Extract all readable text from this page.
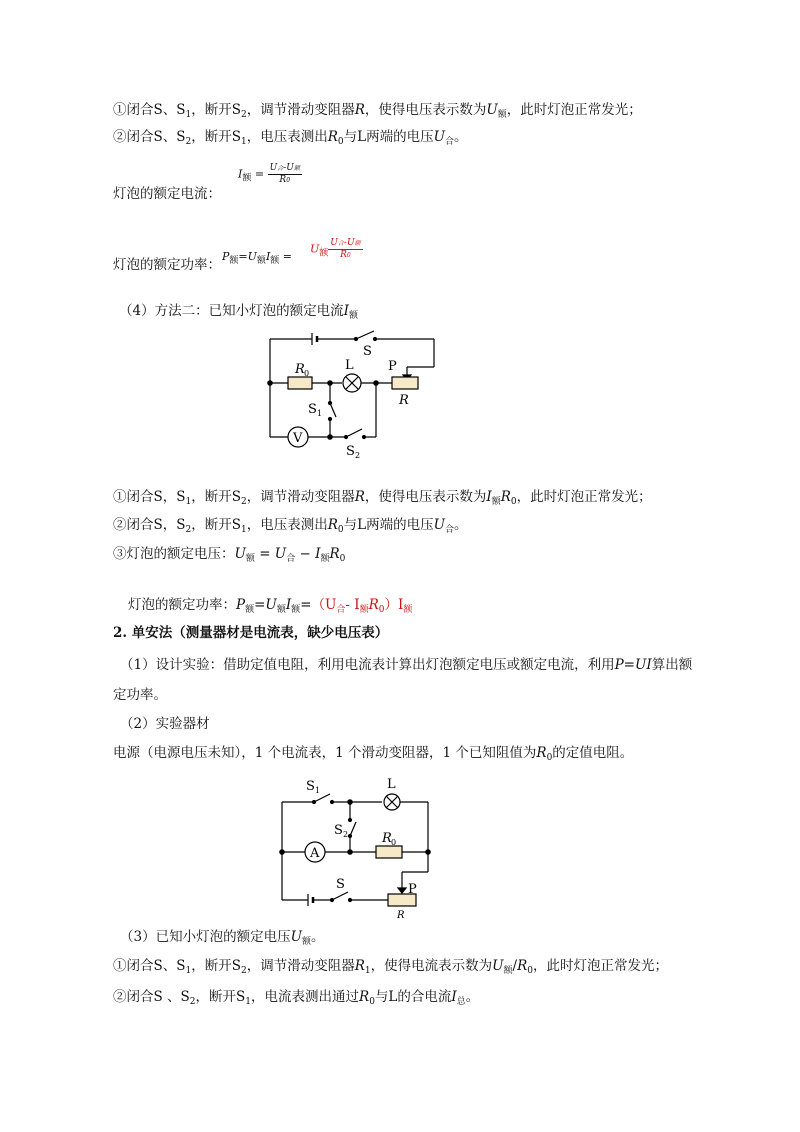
①闭合S、$S_1$，断开$S_2$，调节滑动变阻器R，使得电压表示数为$U_额$，此时灯泡正常发光；
②闭合S、$S_2$，断开$S_1$，电压表测出$R_0$与L两端的电压$U_合$。
灯泡的额定电流：
$I_额 = \frac{\text{U合-U额}}{R0}$
灯泡的额定功率：
$P_额=U_额I_额$ =
$U_额 \frac{\text{U合-U额}}{R0}$
（4）方法二：已知小灯泡的额定电流$I_额$
S
R 0
L	P
R
S 1
V
S 2
①闭合S，$S_1$，断开$S_2$，调节滑动变阻器R，使得电压表示数为$I_额R_0$，此时灯泡正常发光；
②闭合S，$S_2$，断开$S_1$，电压表测出$R_0$与L两端的电压$U_合$。
③灯泡的额定电压：$U_额 = U_合 - I_额R_0$
灯泡的额定功率：$P_额=U_额I_额=(U_合-$ $I_额R_0)I_额$
2. 单安法（测量器材是电流表，缺少电压表）
（1）设计实验：借助定值电阻，利用电流表计算出灯泡额定电压或额定电流，利用P=UI算出额
定功率。
（2）实验器材
电源（电源电压未知），1 个电流表，1 个滑动变阻器，1 个已知阻值为$R_0$的定值电阻。
S 1	L
S 2
A
R 0
S	P
R
（3）已知小灯泡的额定电压$U_额$。
①闭合S、$S_1$，断开$S_2$，调节滑动变阻器$R_1$，使得电流表示数为$U_额/R_0$，此时灯泡正常发光；
②闭合S 、$S_2$，断开$S_1$，电流表测出通过$R_0$与L的合电流$I_总$。
